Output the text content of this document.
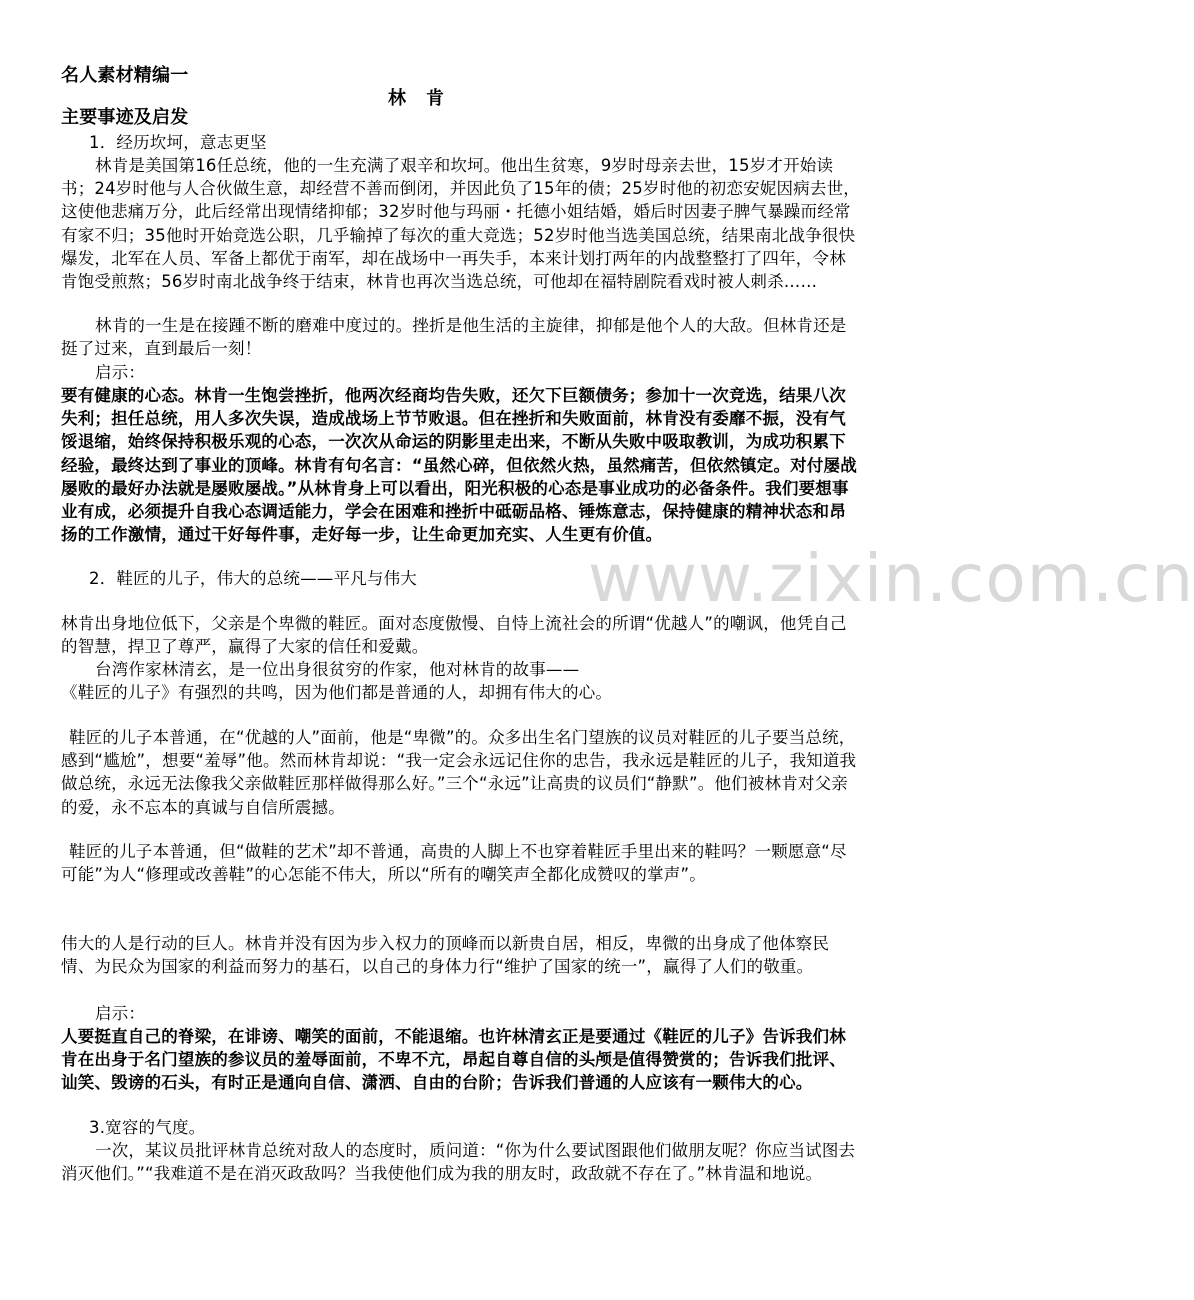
名人素材精编一
林肯
主要事迹及启发
1．经历坎坷，意志更坚
林肯是美国第16任总统，他的一生充满了艰辛和坎坷。他出生贫寒，9岁时母亲去世，15岁才开始读书；24岁时他与人合伙做生意，却经营不善而倒闭，并因此负了15年的债；25岁时他的初恋安妮因病去世，这使他悲痛万分，此后经常出现情绪抑郁；32岁时他与玛丽・托德小姐结婚，婚后时因妻子脾气暴躁而经常有家不归；35他时开始竞选公职，几乎输掉了每次的重大竞选；52岁时他当选美国总统，结果南北战争很快爆发，北军在人员、军备上都优于南军，却在战场中一再失手，本来计划打两年的内战整整打了四年，令林肯饱受煎熬；56岁时南北战争终于结束，林肯也再次当选总统，可他却在福特剧院看戏时被人刺杀……
林肯的一生是在接踵不断的磨难中度过的。挫折是他生活的主旋律，抑郁是他个人的大敌。但林肯还是挺了过来，直到最后一刻！
启示：
要有健康的心态。林肯一生饱尝挫折，他两次经商均告失败，还欠下巨额债务；参加十一次竞选，结果八次失利；担任总统，用人多次失误，造成战场上节节败退。但在挫折和失败面前，林肯没有委靡不振，没有气馁退缩，始终保持积极乐观的心态，一次次从命运的阴影里走出来，不断从失败中吸取教训，为成功积累下经验，最终达到了事业的顶峰。林肯有句名言：“虽然心碎，但依然火热，虽然痛苦，但依然镇定。对付屡战屡败的最好办法就是屡败屡战。”从林肯身上可以看出，阳光积极的心态是事业成功的必备条件。我们要想事业有成，必须提升自我心态调适能力，学会在困难和挫折中砥砺品格、锤炼意志，保持健康的精神状态和昂扬的工作激情，通过干好每件事，走好每一步，让生命更加充实、人生更有价值。
2．鞋匠的儿子，伟大的总统——平凡与伟大
林肯出身地位低下，父亲是个卑微的鞋匠。面对态度傲慢、自恃上流社会的所谓“优越人”的嘲讽，他凭自己的智慧，捍卫了尊严，赢得了大家的信任和爱戴。
台湾作家林清玄，是一位出身很贫穷的作家，他对林肯的故事——
《鞋匠的儿子》有强烈的共鸣，因为他们都是普通的人，却拥有伟大的心。
鞋匠的儿子本普通，在“优越的人”面前，他是“卑微”的。众多出生名门望族的议员对鞋匠的儿子要当总统，感到“尴尬”，想要“羞辱”他。然而林肯却说：“我一定会永远记住你的忠告，我永远是鞋匠的儿子，我知道我做总统，永远无法像我父亲做鞋匠那样做得那么好。”三个“永远”让高贵的议员们“静默”。他们被林肯对父亲的爱，永不忘本的真诚与自信所震撼。
鞋匠的儿子本普通，但“做鞋的艺术”却不普通，高贵的人脚上不也穿着鞋匠手里出来的鞋吗？一颗愿意“尽可能”为人“修理或改善鞋”的心怎能不伟大，所以“所有的嘲笑声全都化成赞叹的掌声”。
伟大的人是行动的巨人。林肯并没有因为步入权力的顶峰而以新贵自居，相反，卑微的出身成了他体察民情、为民众为国家的利益而努力的基石，以自己的身体力行“维护了国家的统一”，赢得了人们的敬重。
启示：
人要挺直自己的脊梁，在诽谤、嘲笑的面前，不能退缩。也许林清玄正是要通过《鞋匠的儿子》告诉我们林肯在出身于名门望族的参议员的羞辱面前，不卑不亢，昂起自尊自信的头颅是值得赞赏的；告诉我们批评、讪笑、毁谤的石头，有时正是通向自信、潇洒、自由的台阶；告诉我们普通的人应该有一颗伟大的心。
3.宽容的气度。
一次，某议员批评林肯总统对敌人的态度时，质问道：“你为什么要试图跟他们做朋友呢？你应当试图去消灭他们。”“我难道不是在消灭政敌吗？当我使他们成为我的朋友时，政敌就不存在了。”林肯温和地说。
www.zixin.com.cn
